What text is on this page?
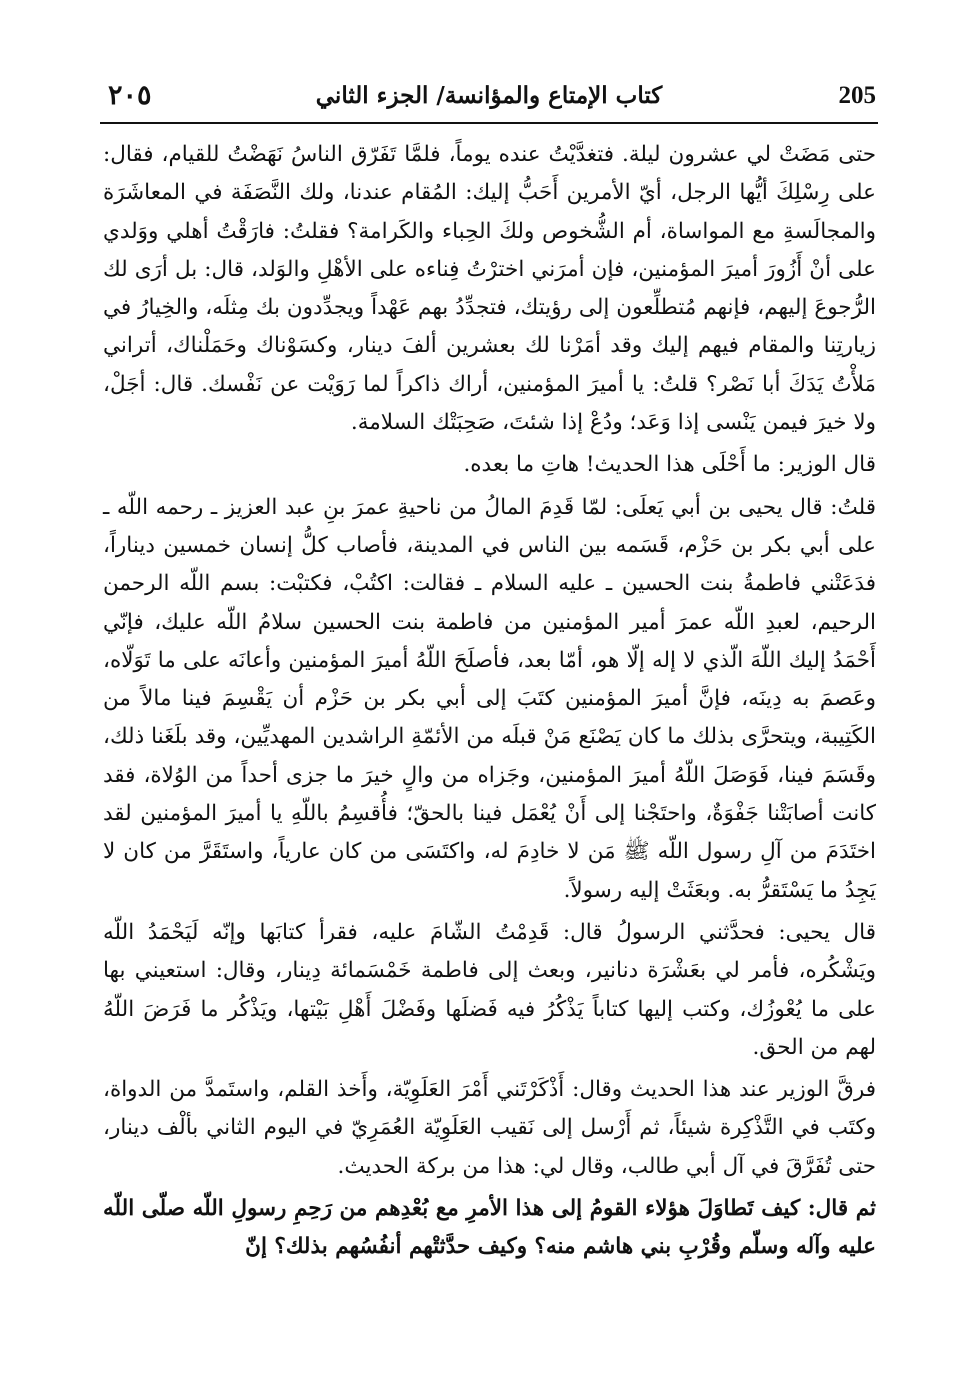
205
كتاب الإمتاع والمؤانسة/ الجزء الثاني
٢٠٥

حتى مَضَتْ لي عشرون ليلة. فتغدَّيْتُ عنده يوماً، فلمَّا تَفَرّق الناسُ نَهَضْتُ للقيام، فقال: على رِسْلِكَ أيُّها الرجل، أيّ الأمرين أَحَبُّ إليك: المُقام عندنا، ولك النَّصَفَة في المعاشَرَة والمجالَسةِ مع المواساة، أم الشُّخوص ولكَ الحِباء والكَرامة؟ فقلتُ: فارَقْتُ أهلي ووَلدي على أنْ أَزُورَ أميرَ المؤمنين، فإن أمرَني اخترْتُ فِناءه على الأهْلِ والوَلد، قال: بل أرَى لك الرُّجوعَ إليهم، فإنهم مُتطلِّعون إلى رؤيتك، فتجدِّدُ بهم عَهْداً ويجدِّدون بك مِثلَه، والخِيارُ في زيارتِنا والمقام فيهم إليك وقد أمَرْنا لك بعشرين ألفَ دينار، وكسَوْناك وحَمَلْناك، أتراني مَلأْتُ يَدَكَ أبا نَصْر؟ قلتُ: يا أميرَ المؤمنين، أراك ذاكراً لما رَوَيْت عن نَفْسك. قال: أجَلْ، ولا خيرَ فيمن يَنْسى إذا وَعَد؛ ودُعْ إذا شئتَ، صَحِبَتْك السلامة.

قال الوزير: ما أَحْلَى هذا الحديث! هاتِ ما بعده.

قلتُ: قال يحيى بن أبي يَعلَى: لمّا قَدِمَ المالُ من ناحيةِ عمرَ بنِ عبد العزيز ـ رحمه اللّه ـ على أبي بكر بن حَزْم، قَسَمه بين الناس في المدينة، فأصاب كلُّ إنسان خمسين ديناراً، فدَعَتْني فاطمةُ بنت الحسين ـ عليه السلام ـ فقالت: اكتُبْ، فكتبْت: بسم اللّه الرحمن الرحيم، لعبدِ اللّه عمرَ أمير المؤمنين من فاطمة بنت الحسين سلامُ اللّه عليك، فإنّي أَحْمَدُ إليك اللّهَ الّذي لا إله إلّا هو، أمّا بعد، فأصلَحَ اللّهُ أميرَ المؤمنين وأعانَه على ما تَوَلّاه، وعَصمَ به دِينَه، فإنَّ أميرَ المؤمنين كتَبَ إلى أبي بكر بن حَزْم أن يَقْسِمَ فينا مالاً من الكَتِيبة، ويتحرَّى بذلك ما كان يَصْنَع مَنْ قبلَه من الأئمّةِ الراشدين المهديِّين، وقد بلَغَنا ذلك، وقَسَمَ فينا، فَوَصَلَ اللّهُ أميرَ المؤمنين، وجَزاه من والٍ خيرَ ما جزى أحداً من الوُلاة، فقد كانت أصابَتْنا جَفْوَةٌ، واحتَجْنا إلى أَنْ يُعْمَل فينا بالحقّ؛ فأُقسِمُ باللّهِ يا أميرَ المؤمنين لقد اختَدَمَ من آلِ رسول اللّه ﷺ مَن لا خادِمَ له، واكتَسَى من كان عارياً، واستَقَرَّ من كان لا يَجِدُ ما يَسْتَقرُّ به. وبعَثَتْ إليه رسولاً.

قال يحيى: فحدَّثني الرسولُ قال: قَدِمْتُ الشّامَ عليه، فقرأ كتابَها وإنّه لَيَحْمَدُ اللّه ويَشْكُره، فأمر لي بعَشْرَة دنانير، وبعث إلى فاطمة خَمْسَمائة دِينار، وقال: استعيني بها على ما يُعْوزُك، وكتب إليها كتاباً يَذْكُرُ فيه فَضلَها وفَضْلَ أَهْلِ بَيْتها، ويَذْكُر ما فَرَضَ اللّهُ لهم من الحق.

فرقَّ الوزير عند هذا الحديث وقال: أَذْكَرْتَني أَمْرَ العَلَوِيّة، وأَخذ القلم، واستَمدَّ من الدواة، وكتَب في التَّذْكِرة شيئاً، ثم أَرْسل إلى نَقيب العَلَوِيّة العُمَرِيّ في اليوم الثاني بألْف دينار، حتى تُفَرَّقَ في آل أبي طالب، وقال لي: هذا من بركة الحديث.

ثم قال: كيف تَطاوَلَ هؤلاء القومُ إلى هذا الأمرِ مع بُعْدِهم من رَحِمِ رسولِ اللّه صلّى اللّه عليه وآله وسلّم وقُرْبِ بني هاشم منه؟ وكيف حدَّثتْهم أنفُسُهم بذلك؟ إنّ
